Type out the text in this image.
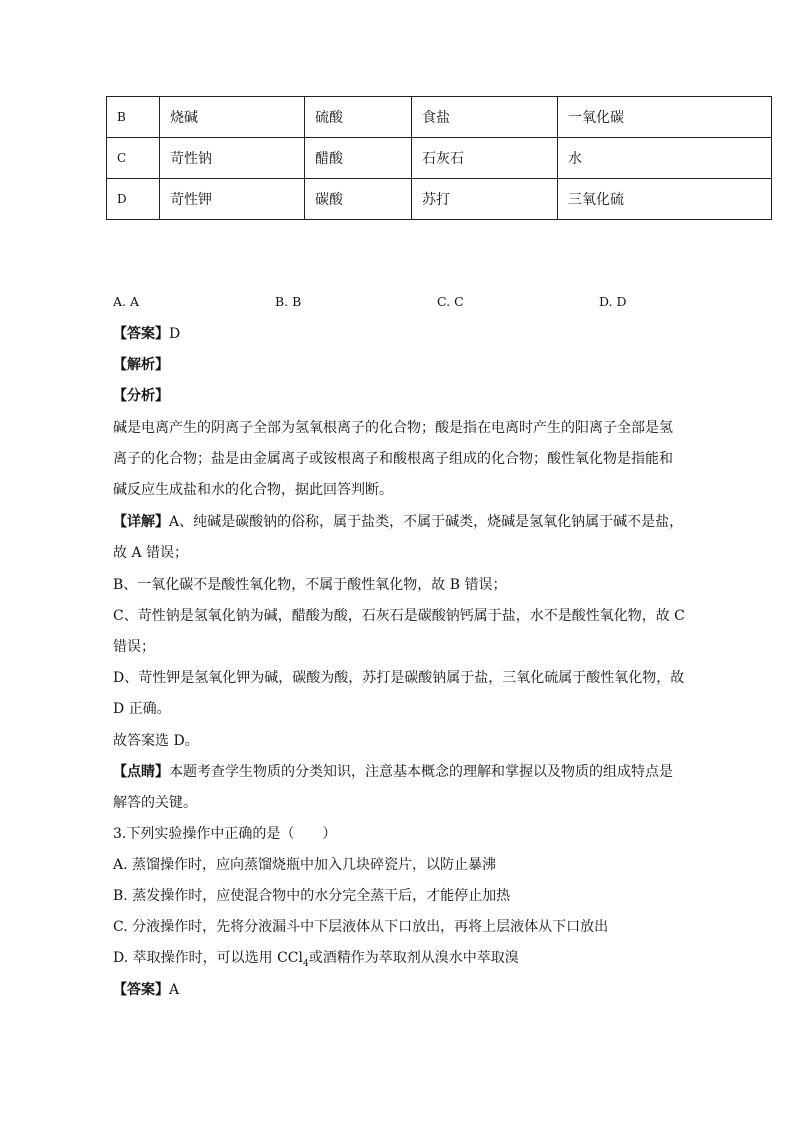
B	烧碱	硫酸	食盐	一氧化碳
C	苛性钠	醋酸	石灰石	水
D	苛性钾	碳酸	苏打	三氧化硫
A. A	B. B	C. C	D. D
【答案】D
【解析】
【分析】
碱是电离产生的阴离子全部为氢氧根离子的化合物；酸是指在电离时产生的阳离子全部是氢
离子的化合物；盐是由金属离子或铵根离子和酸根离子组成的化合物；酸性氧化物是指能和
碱反应生成盐和水的化合物，据此回答判断。
【详解】A、纯碱是碳酸钠的俗称，属于盐类，不属于碱类，烧碱是氢氧化钠属于碱不是盐，
故 A 错误；
B、一氧化碳不是酸性氧化物，不属于酸性氧化物，故 B 错误；
C、苛性钠是氢氧化钠为碱，醋酸为酸，石灰石是碳酸钠钙属于盐，水不是酸性氧化物，故 C
错误；
D、苛性钾是氢氧化钾为碱，碳酸为酸，苏打是碳酸钠属于盐，三氧化硫属于酸性氧化物，故
D 正确。
故答案选 D。
【点睛】本题考查学生物质的分类知识，注意基本概念的理解和掌握以及物质的组成特点是
解答的关键。
3.下列实验操作中正确的是（　　）
A. 蒸馏操作时，应向蒸馏烧瓶中加入几块碎瓷片，以防止暴沸
B. 蒸发操作时，应使混合物中的水分完全蒸干后，才能停止加热
C. 分液操作时，先将分液漏斗中下层液体从下口放出，再将上层液体从下口放出
D. 萃取操作时，可以选用 CCl$_4$或酒精作为萃取剂从溴水中萃取溴
【答案】A
